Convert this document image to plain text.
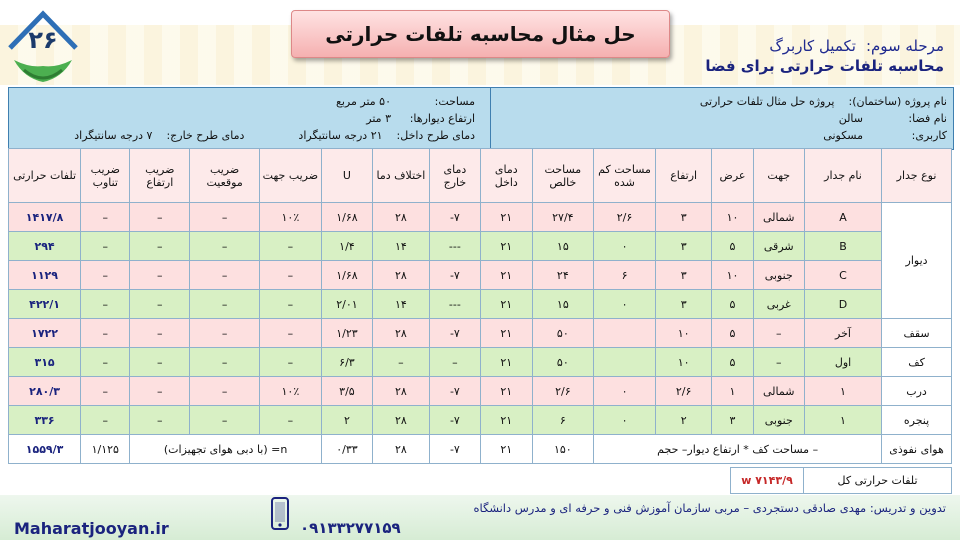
۲۶	حل مثال محاسبه تلفات حرارتی	مرحله سوم:
تکمیل کاربرگ
محاسبه تلفات حرارتی برای فضا
نام پروژه (ساختمان):
پروژه حل مثال تلفات حرارتی
نام فضا:
سالن
کاربری:
مسکونی
مساحت:
۵۰ متر مربع
ارتفاع دیوارها:
۳ متر
دمای طرح داخل:
۲۱ درجه سانتیگراد
دمای طرح خارج:
۷ درجه سانتیگراد
نوع جدار	نام جدار	جهت	عرض	ارتفاع	مساحت کم شده	مساحت خالص	دمای داخل	دمای خارج	اختلاف دما	U	ضریب جهت	ضریب موقعیت	ضریب ارتفاع	ضریب تناوب	تلفات حرارتی
دیوار	A	شمالی	۱۰	۳	۲/۶	۲۷/۴	۲۱	۷-	۲۸	۱/۶۸	۱۰٪	–	–	–	۱۴۱۷/۸
	B	شرقی	۵	۳	۰	۱۵	۲۱	---	۱۴	۱/۴	–	–	–	–	۲۹۴
	C	جنوبی	۱۰	۳	۶	۲۴	۲۱	۷-	۲۸	۱/۶۸	–	–	–	–	۱۱۲۹
	D	غربی	۵	۳	۰	۱۵	۲۱	---	۱۴	۲/۰۱	–	–	–	–	۴۲۲/۱
سقف	آخر	–	۵	۱۰		۵۰	۲۱	۷-	۲۸	۱/۲۳	–	–	–	–	۱۷۲۲
کف	اول	–	۵	۱۰		۵۰	۲۱	–	–	۶/۳	–	–	–	–	۳۱۵
درب	۱	شمالی	۱	۲/۶	۰	۲/۶	۲۱	۷-	۲۸	۳/۵	۱۰٪	–	–	–	۲۸۰/۳
پنجره	۱	جنوبی	۳	۲	۰	۶	۲۱	۷-	۲۸	۲	–	–	–	–	۳۳۶
هوای نفوذی	– مساحت کف * ارتفاع دیوار– حجم					۱۵۰	۲۱	۷-	۲۸	۰/۳۳	n= (با دبی هوای تجهیزات)			۱/۱۲۵	۱۵۵۹/۳
تلفات حرارتی کل
۷۱۴۳/۹ w
تدوین و تدریس: مهدی صادقی دستجردی – مربی سازمان آموزش فنی و حرفه ای و مدرس دانشگاه
Maharatjooyan.ir	۰۹۱۳۳۲۷۷۱۵۹
